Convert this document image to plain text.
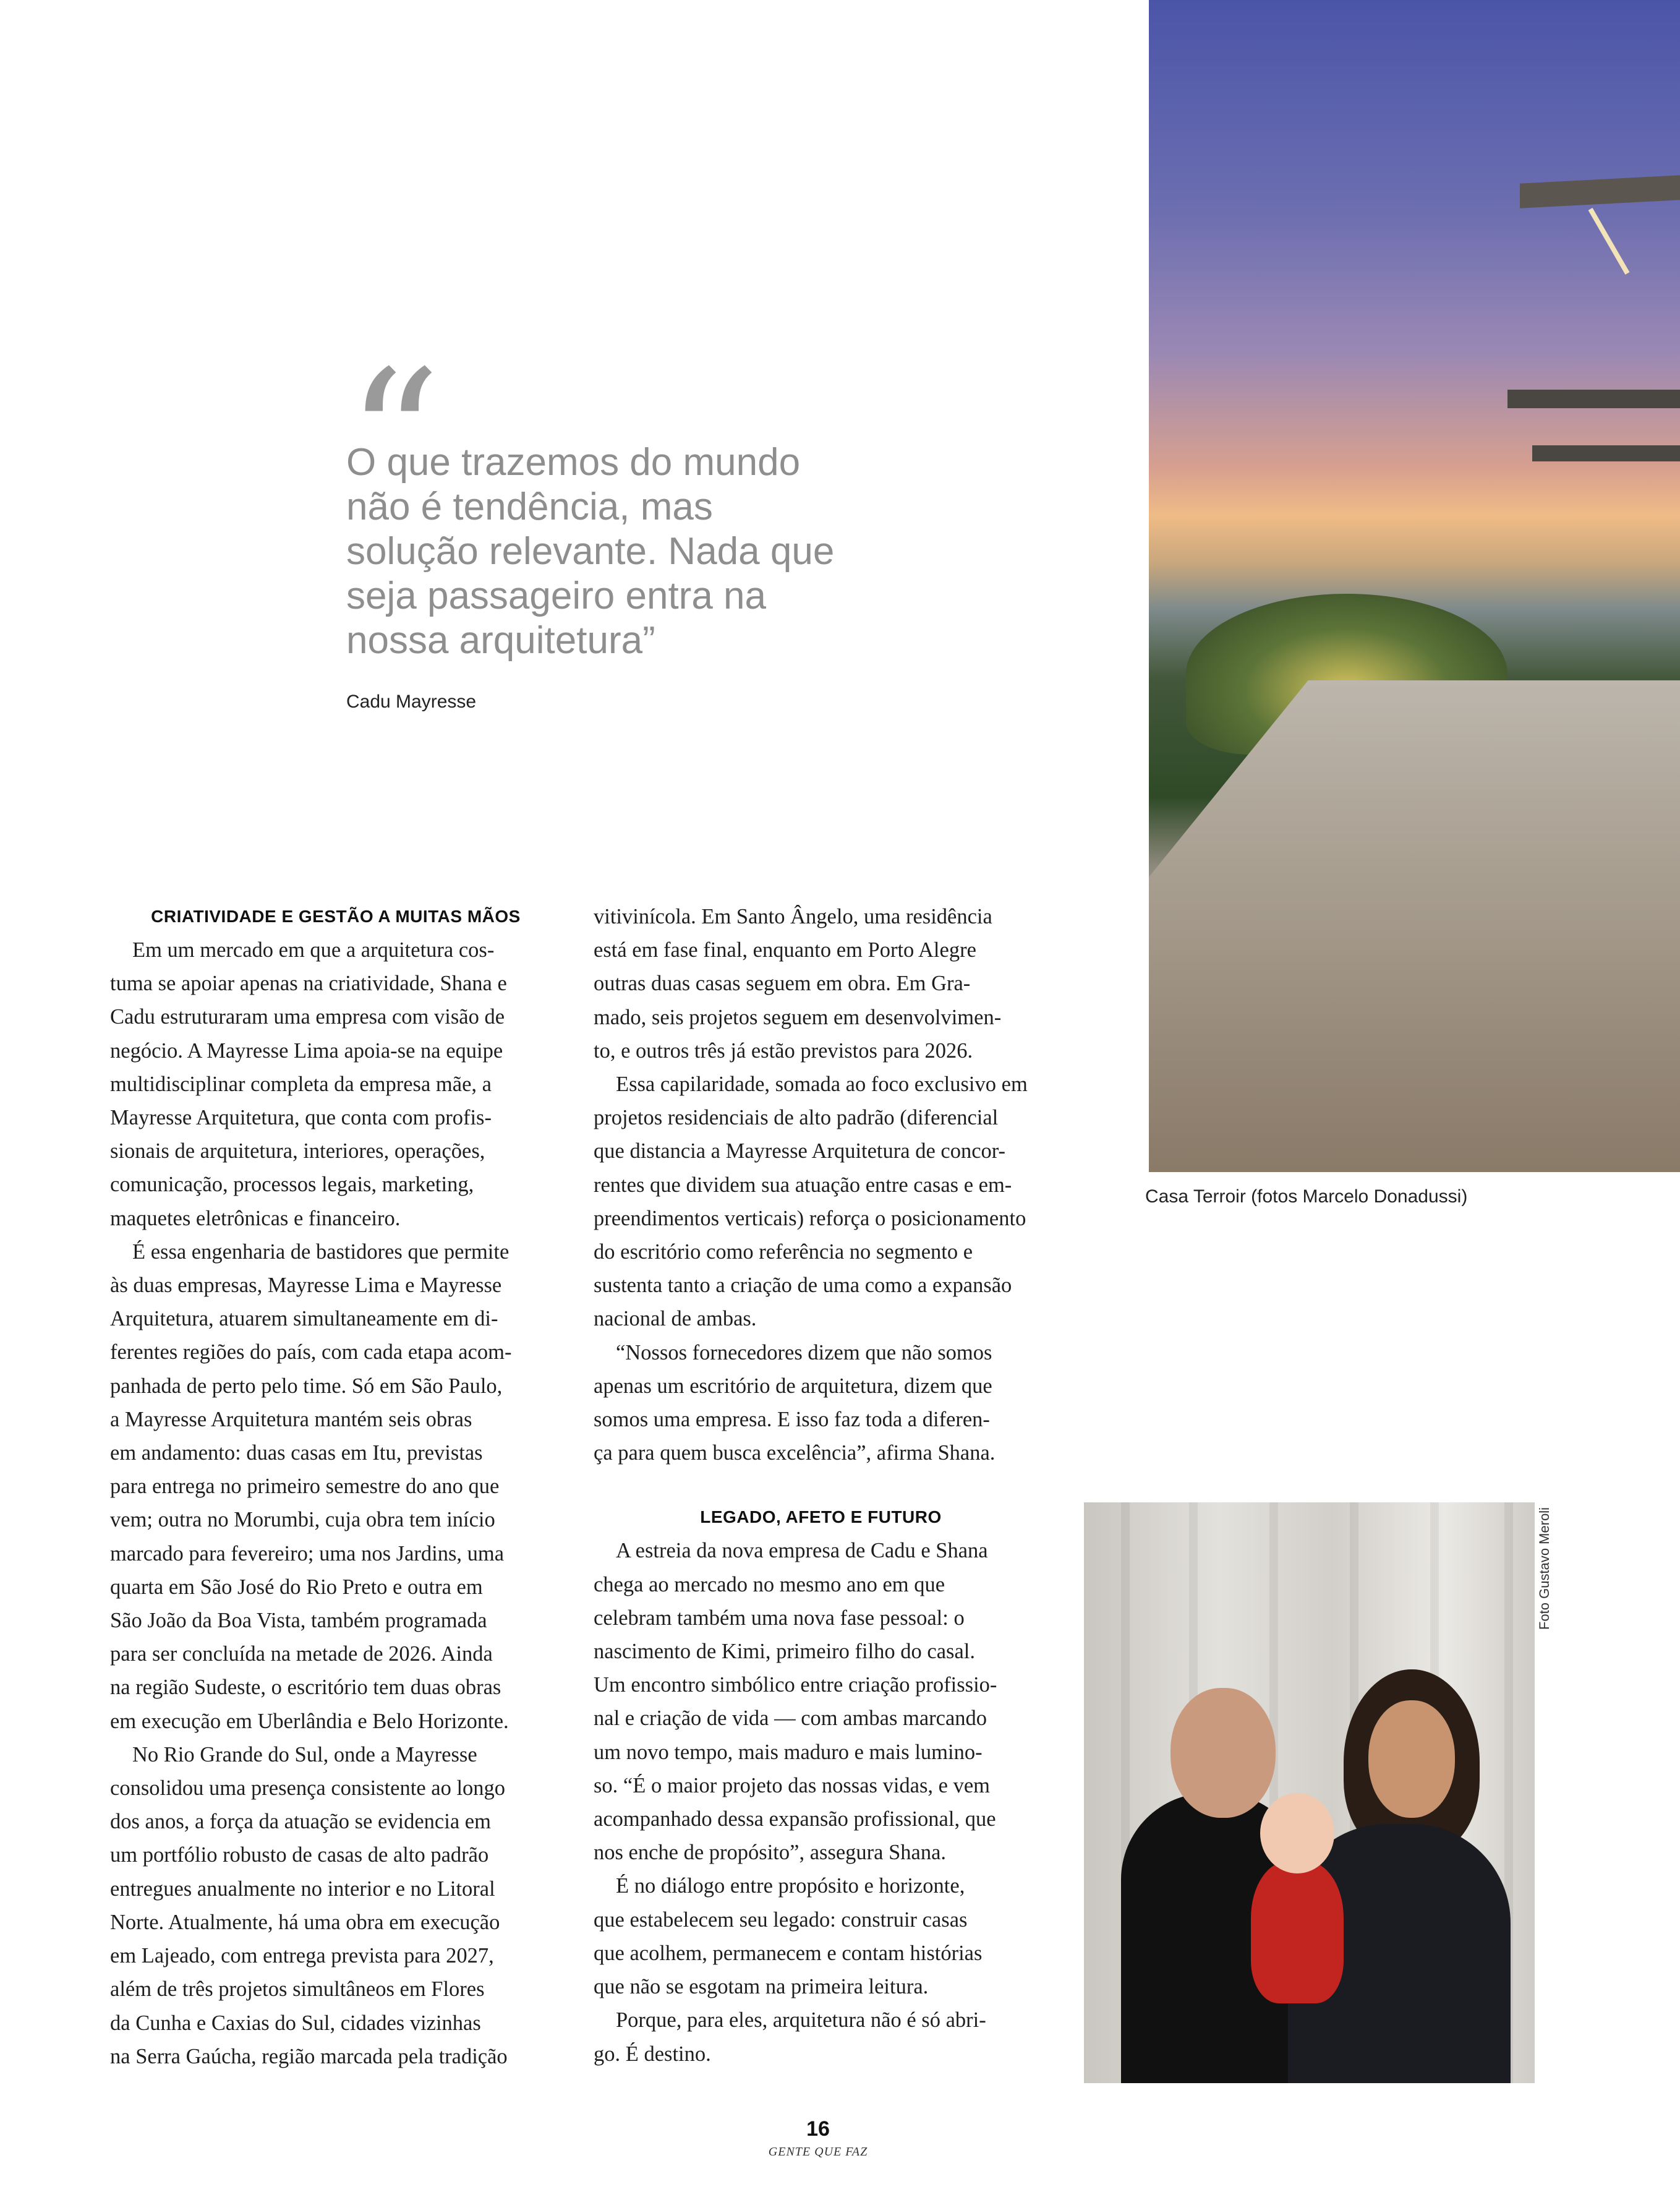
“
O que trazemos do mundo
não é tendência, mas
solução relevante. Nada que
seja passageiro entra na
nossa arquitetura”
Cadu Mayresse
CRIATIVIDADE E GESTÃO A MUITAS MÃOS

Em um mercado em que a arquitetura cos-
tuma se apoiar apenas na criatividade, Shana e
Cadu estruturaram uma empresa com visão de
negócio. A Mayresse Lima apoia-se na equipe
multidisciplinar completa da empresa mãe, a
Mayresse Arquitetura, que conta com profis-
sionais de arquitetura, interiores, operações,
comunicação, processos legais, marketing,
maquetes eletrônicas e financeiro.

É essa engenharia de bastidores que permite
às duas empresas, Mayresse Lima e Mayresse
Arquitetura, atuarem simultaneamente em di-
ferentes regiões do país, com cada etapa acom-
panhada de perto pelo time. Só em São Paulo,
a Mayresse Arquitetura mantém seis obras
em andamento: duas casas em Itu, previstas
para entrega no primeiro semestre do ano que
vem; outra no Morumbi, cuja obra tem início
marcado para fevereiro; uma nos Jardins, uma
quarta em São José do Rio Preto e outra em
São João da Boa Vista, também programada
para ser concluída na metade de 2026. Ainda
na região Sudeste, o escritório tem duas obras
em execução em Uberlândia e Belo Horizonte.

No Rio Grande do Sul, onde a Mayresse
consolidou uma presença consistente ao longo
dos anos, a força da atuação se evidencia em
um portfólio robusto de casas de alto padrão
entregues anualmente no interior e no Litoral
Norte. Atualmente, há uma obra em execução
em Lajeado, com entrega prevista para 2027,
além de três projetos simultâneos em Flores
da Cunha e Caxias do Sul, cidades vizinhas
na Serra Gaúcha, região marcada pela tradição

vitivinícola. Em Santo Ângelo, uma residência
está em fase final, enquanto em Porto Alegre
outras duas casas seguem em obra. Em Gra-
mado, seis projetos seguem em desenvolvimen-
to, e outros três já estão previstos para 2026.

Essa capilaridade, somada ao foco exclusivo em
projetos residenciais de alto padrão (diferencial
que distancia a Mayresse Arquitetura de concor-
rentes que dividem sua atuação entre casas e em-
preendimentos verticais) reforça o posicionamento
do escritório como referência no segmento e
sustenta tanto a criação de uma como a expansão
nacional de ambas.

“Nossos fornecedores dizem que não somos
apenas um escritório de arquitetura, dizem que
somos uma empresa. E isso faz toda a diferen-
ça para quem busca excelência”, afirma Shana.

LEGADO, AFETO E FUTURO

A estreia da nova empresa de Cadu e Shana
chega ao mercado no mesmo ano em que
celebram também uma nova fase pessoal: o
nascimento de Kimi, primeiro filho do casal.
Um encontro simbólico entre criação profissio-
nal e criação de vida — com ambas marcando
um novo tempo, mais maduro e mais lumino-
so. “É o maior projeto das nossas vidas, e vem
acompanhado dessa expansão profissional, que
nos enche de propósito”, assegura Shana.

É no diálogo entre propósito e horizonte,
que estabelecem seu legado: construir casas
que acolhem, permanecem e contam histórias
que não se esgotam na primeira leitura.

Porque, para eles, arquitetura não é só abri-
go. É destino.

Casa Terroir (fotos Marcelo Donadussi)
Foto Gustavo Meroli
16
GENTE QUE FAZ
